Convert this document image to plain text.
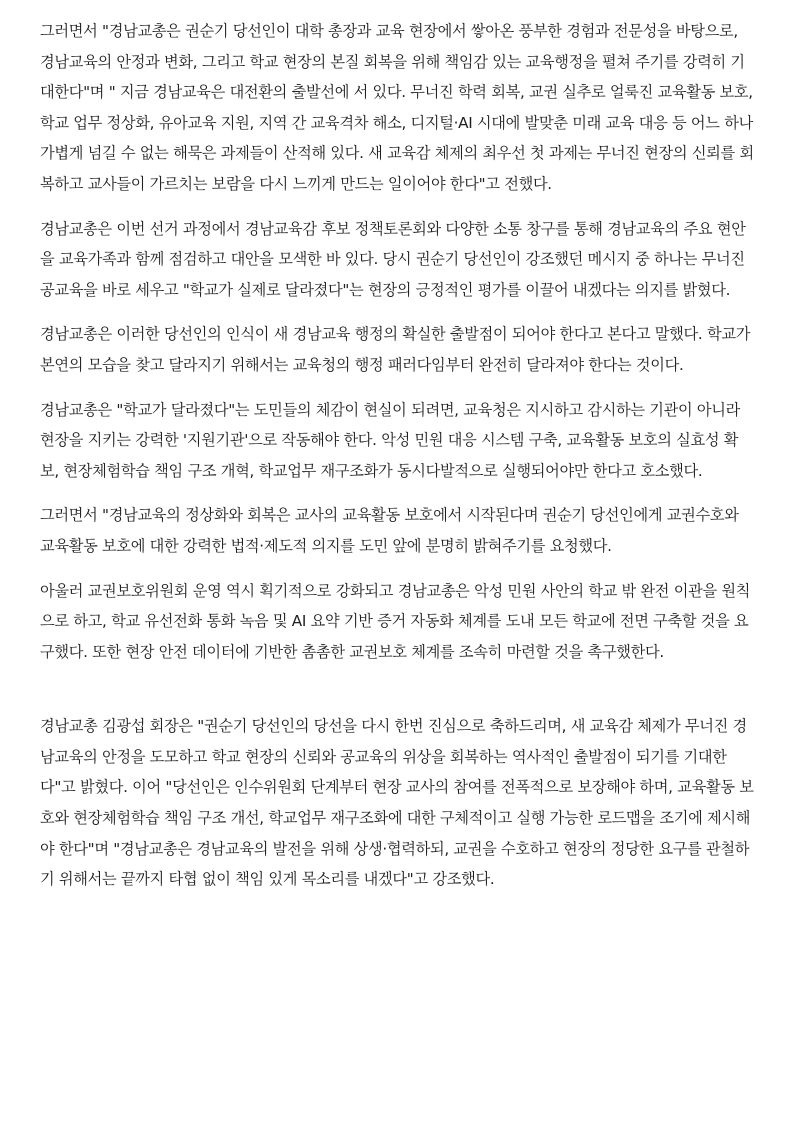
그러면서 "경남교총은 권순기 당선인이 대학 총장과 교육 현장에서 쌓아온 풍부한 경험과 전문성을 바탕으로, 경남교육의 안정과 변화, 그리고 학교 현장의 본질 회복을 위해 책임감 있는 교육행정을 펼쳐 주기를 강력히 기대한다"며 " 지금 경남교육은 대전환의 출발선에 서 있다. 무너진 학력 회복, 교권 실추로 얼룩진 교육활동 보호, 학교 업무 정상화, 유아교육 지원, 지역 간 교육격차 해소, 디지털·AI 시대에 발맞춘 미래 교육 대응 등 어느 하나 가볍게 넘길 수 없는 해묵은 과제들이 산적해 있다. 새 교육감 체제의 최우선 첫 과제는 무너진 현장의 신뢰를 회복하고 교사들이 가르치는 보람을 다시 느끼게 만드는 일이어야 한다"고 전했다.

경남교총은 이번 선거 과정에서 경남교육감 후보 정책토론회와 다양한 소통 창구를 통해 경남교육의 주요 현안을 교육가족과 함께 점검하고 대안을 모색한 바 있다. 당시 권순기 당선인이 강조했던 메시지 중 하나는 무너진 공교육을 바로 세우고 "학교가 실제로 달라졌다"는 현장의 긍정적인 평가를 이끌어 내겠다는 의지를 밝혔다.

경남교총은 이러한 당선인의 인식이 새 경남교육 행정의 확실한 출발점이 되어야 한다고 본다고 말했다. 학교가 본연의 모습을 찾고 달라지기 위해서는 교육청의 행정 패러다임부터 완전히 달라져야 한다는 것이다.

경남교총은 "학교가 달라졌다"는 도민들의 체감이 현실이 되려면, 교육청은 지시하고 감시하는 기관이 아니라 현장을 지키는 강력한 '지원기관'으로 작동해야 한다. 악성 민원 대응 시스템 구축, 교육활동 보호의 실효성 확보, 현장체험학습 책임 구조 개혁, 학교업무 재구조화가 동시다발적으로 실행되어야만 한다고 호소했다.

그러면서 "경남교육의 정상화와 회복은 교사의 교육활동 보호에서 시작된다며 권순기 당선인에게 교권수호와 교육활동 보호에 대한 강력한 법적·제도적 의지를 도민 앞에 분명히 밝혀주기를 요청했다.

아울러 교권보호위원회 운영 역시 획기적으로 강화되고 경남교총은 악성 민원 사안의 학교 밖 완전 이관을 원칙으로 하고, 학교 유선전화 통화 녹음 및 AI 요약 기반 증거 자동화 체계를 도내 모든 학교에 전면 구축할 것을 요구했다. 또한 현장 안전 데이터에 기반한 촘촘한 교권보호 체계를 조속히 마련할 것을 촉구했한다.

경남교총 김광섭 회장은 "권순기 당선인의 당선을 다시 한번 진심으로 축하드리며, 새 교육감 체제가 무너진 경남교육의 안정을 도모하고 학교 현장의 신뢰와 공교육의 위상을 회복하는 역사적인 출발점이 되기를 기대한다"고 밝혔다. 이어 "당선인은 인수위원회 단계부터 현장 교사의 참여를 전폭적으로 보장해야 하며, 교육활동 보호와 현장체험학습 책임 구조 개선, 학교업무 재구조화에 대한 구체적이고 실행 가능한 로드맵을 조기에 제시해야 한다"며 "경남교총은 경남교육의 발전을 위해 상생·협력하되, 교권을 수호하고 현장의 정당한 요구를 관철하기 위해서는 끝까지 타협 없이 책임 있게 목소리를 내겠다"고 강조했다.
